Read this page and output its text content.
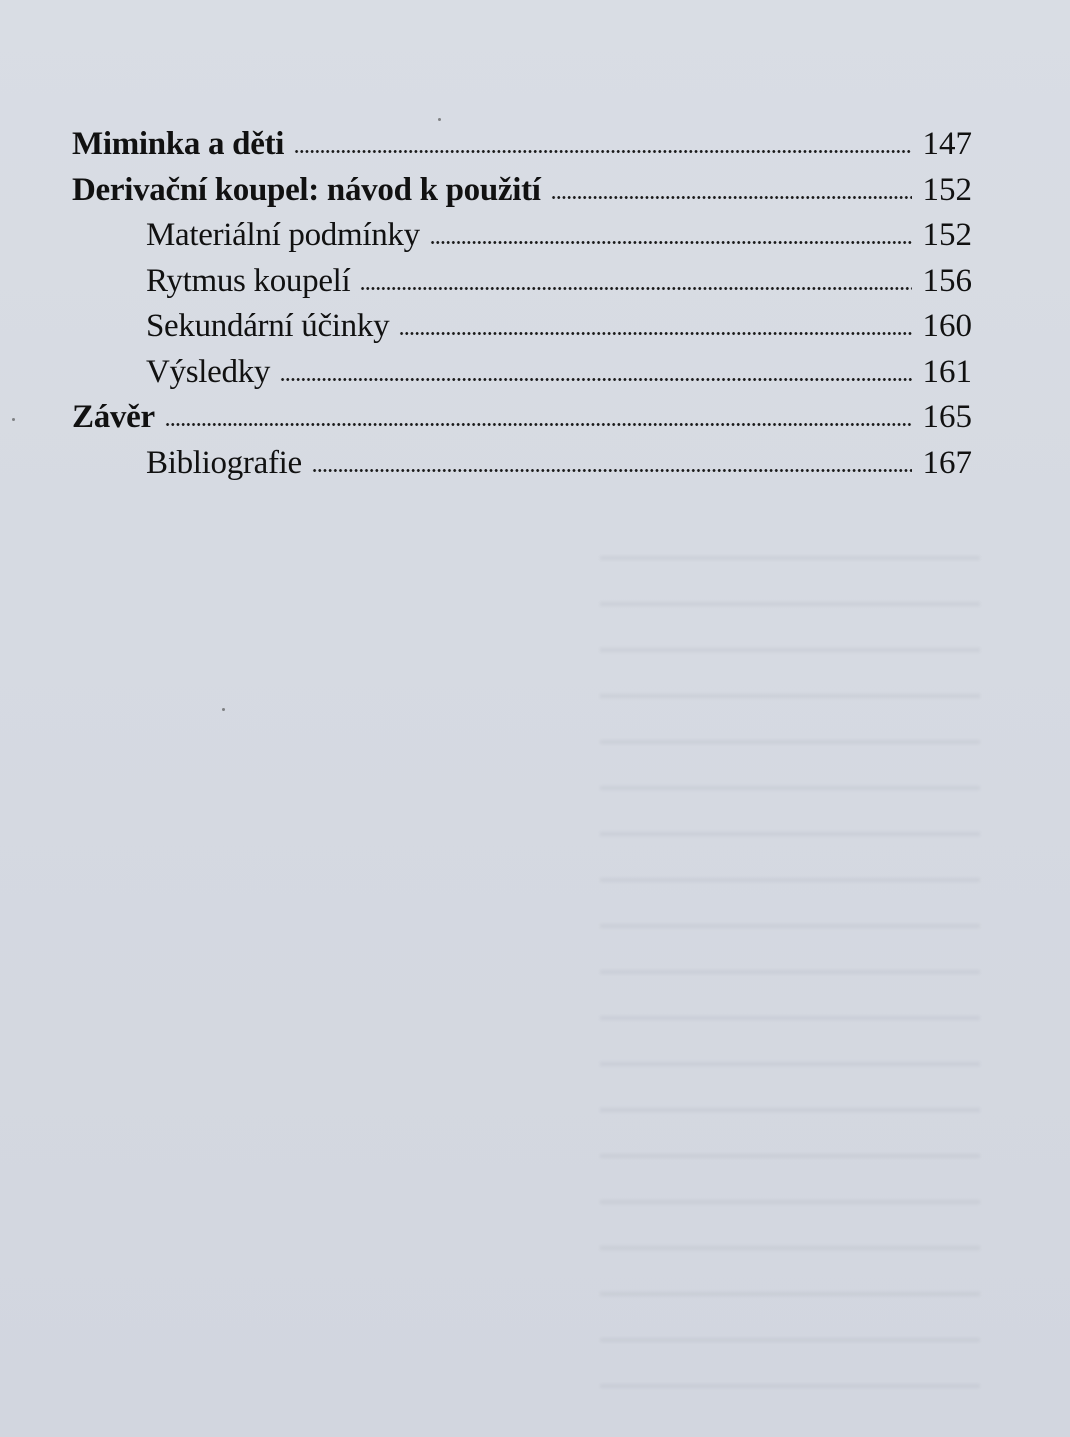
Miminka a děti	147
Derivační koupel: návod k použití	152
Materiální podmínky	152
Rytmus koupelí	156
Sekundární účinky	160
Výsledky	161
Závěr	165
Bibliografie	167
